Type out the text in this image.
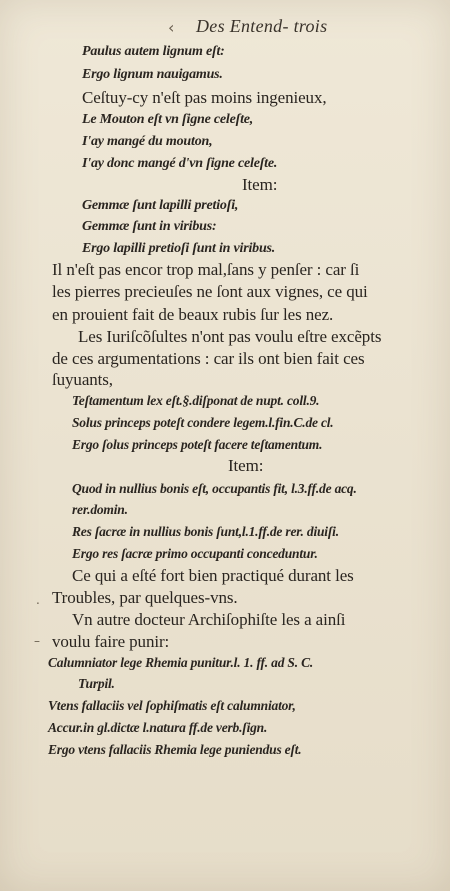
‹ Des Entend- trois
Paulus autem lignum eſt:
Ergo lignum nauigamus.
Ceſtuy-cy n'eſt pas moins ingenieux,
Le Mouton eſt vn ſigne celeſte,
I'ay mangé du mouton,
I'ay donc mangé d'vn ſigne celeſte.
Item:
Gemmæ ſunt lapilli pretioſi,
Gemmæ ſunt in viribus:
Ergo lapilli pretioſi ſunt in viribus.
Il n'eſt pas encor trop mal,ſans y penſer : car ſi
les pierres precieuſes ne ſont aux vignes, ce qui
en prouient fait de beaux rubis ſur les nez.
Les Iuriſcõſultes n'ont pas voulu eſtre excẽpts
de ces argumentations : car ils ont bien fait ces
ſuyuants,
Teſtamentum lex eſt.§.diſponat de nupt. coll.9.
Solus princeps poteſt condere legem.l.fin.C.de cl.
Ergo ſolus princeps poteſt facere teſtamentum.
Item:
Quod in nullius bonis eſt, occupantis fit, l.3.ff.de acq.
rer.domin.
Res ſacræ in nullius bonis ſunt,l.1.ff.de rer. diuiſi.
Ergo res ſacræ primo occupanti conceduntur.
Ce qui a eſté fort bien practiqué durant les
. Troubles, par quelques-vns.
Vn autre docteur Archiſophiſte les a ainſi
– voulu faire punir:
Calumniator lege Rhemia punitur.l. 1. ff. ad S. C.
Turpil.
Vtens fallaciis vel ſophiſmatis eſt calumniator,
Accur.in gl.dictæ l.natura ff.de verb.ſign.
Ergo vtens fallaciis Rhemia lege puniendus eſt.
